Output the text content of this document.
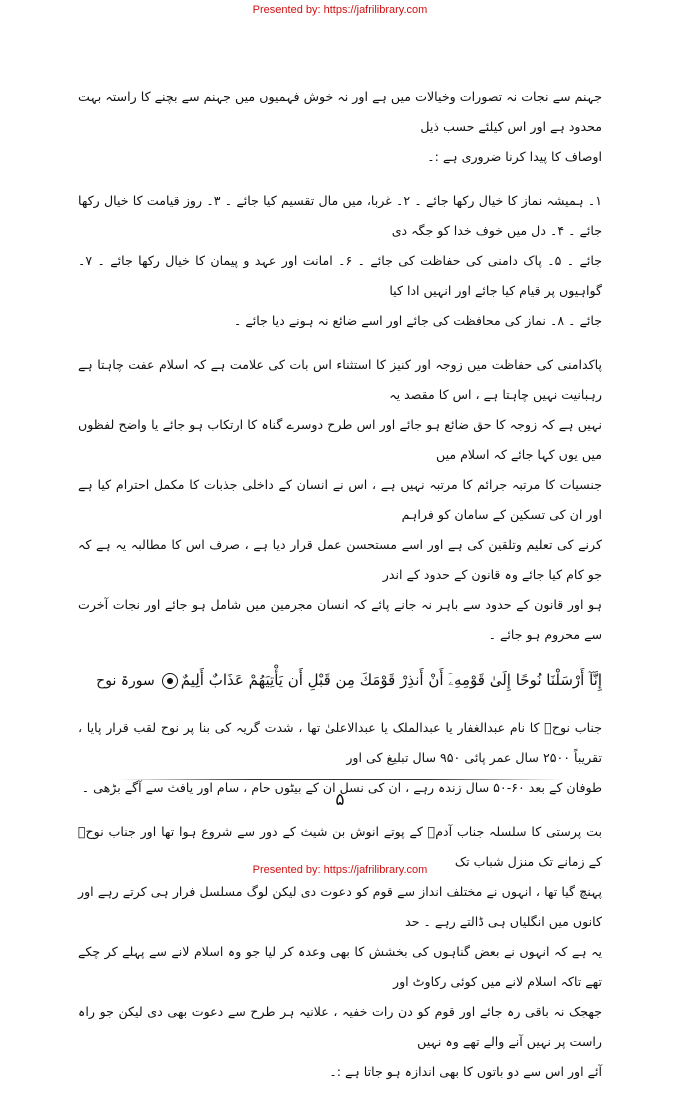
Presented by: https://jafrilibrary.com

جہنم سے نجات نہ تصورات وخیالات میں ہے اور نہ خوش فہمیوں میں جہنم سے بچنے کا راستہ بہت محدود ہے اور اس کیلئے حسب ذیل
اوصاف کا پیدا کرنا ضروری ہے :۔

۱۔ ہمیشہ نماز کا خیال رکھا جائے ۔ ۲۔ غربا، میں مال تقسیم کیا جائے ۔ ۳۔ روز قیامت کا خیال رکھا جائے ۔ ۴۔ دل میں خوف خدا کو جگہ دی
جائے ۔ ۵۔ پاک دامنی کی حفاظت کی جائے ۔ ۶۔ امانت اور عہد و پیمان کا خیال رکھا جائے ۔ ۷۔ گواہیوں پر قیام کیا جائے اور انہیں ادا کیا
جائے ۔ ۸۔ نماز کی محافظت کی جائے اور اسے ضائع نہ ہونے دیا جائے ۔

پاکدامنی کی حفاظت میں زوجہ اور کنیز کا استثناء اس بات کی علامت ہے کہ اسلام عفت چاہتا ہے رہبانیت نہیں چاہتا ہے ، اس کا مقصد یہ
نہیں ہے کہ زوجہ کا حق ضائع ہو جائے اور اس طرح دوسرے گناہ کا ارتکاب ہو جائے یا واضح لفظوں میں یوں کہا جائے کہ اسلام میں
جنسیات کا مرتبہ جرائم کا مرتبہ نہیں ہے ، اس نے انسان کے داخلی جذبات کا مکمل احترام کیا ہے اور ان کی تسکین کے سامان کو فراہم
کرنے کی تعلیم وتلقین کی ہے اور اسے مستحسن عمل قرار دیا ہے ، صرف اس کا مطالبہ یہ ہے کہ جو کام کیا جائے وہ قانون کے حدود کے اندر
ہو اور قانون کے حدود سے باہر نہ جانے پائے کہ انسان مجرمین میں شامل ہو جائے اور نجات آخرت سے محروم ہو جائے ۔

إِنَّآ أَرْسَلْنَا نُوحًا إِلَىٰ قَوْمِهِۦٓ أَنْ أَنذِرْ قَوْمَكَ مِن قَبْلِ أَن يَأْتِيَهُمْ عَذَابٌ أَلِيمٌسورۃ نوح

جناب نوحؑ کا نام عبدالغفار یا عبدالملک یا عبدالاعلیٰ تھا ، شدت گریہ کی بنا پر نوح لقب قرار پایا ، تقریباً ۲۵۰۰ سال عمر پائی ۹۵۰ سال تبلیغ کی اور
طوفان کے بعد ۶۰-۵۰ سال زندہ رہے ، ان کی نسل ان کے بیٹوں حام ، سام اور یافث سے آگے بڑھی ۔

بت پرستی کا سلسلہ جناب آدمؑ کے پوتے انوش بن شیث کے دور سے شروع ہوا تھا اور جناب نوحؑ کے زمانے تک منزل شباب تک
پہنچ گیا تھا ، انہوں نے مختلف انداز سے قوم کو دعوت دی لیکن لوگ مسلسل فرار ہی کرتے رہے اور کانوں میں انگلیاں ہی ڈالتے رہے ۔ حد
یہ ہے کہ انہوں نے بعض گناہوں کی بخشش کا بھی وعدہ کر لیا جو وہ اسلام لانے سے پہلے کر چکے تھے تاکہ اسلام لانے میں کوئی رکاوٹ اور
جھجک نہ باقی رہ جائے اور قوم کو دن رات خفیہ ، علانیہ ہر طرح سے دعوت بھی دی لیکن جو راہ راست پر نہیں آنے والے تھے وہ نہیں
آئے اور اس سے دو باتوں کا بھی اندازہ ہو جاتا ہے :۔

۵
Presented by: https://jafrilibrary.com
